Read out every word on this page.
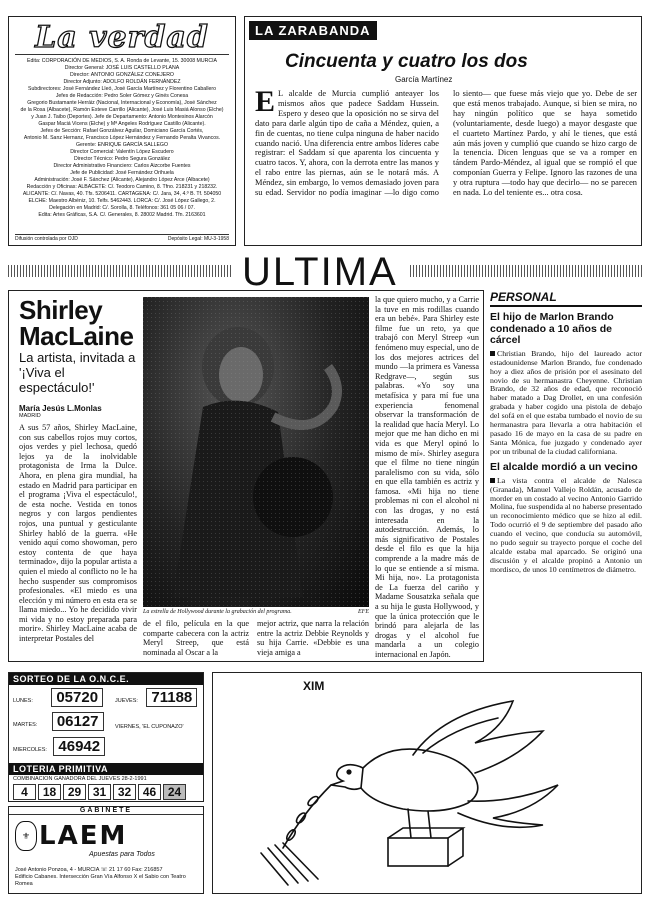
La verdad
Edita: CORPORACIÓN DE MEDIOS, S. A. Ronda de Levante, 15. 30008 MURCIA
Director General: JOSÉ LUIS CASTELLO PLANA
Director: ANTONIO GONZÁLEZ CONEJERO
Director Adjunto: ADOLFO ROLDÁN FERNÁNDEZ
Subdirectores: José Fernández Lleó, José García Martínez y Florentino Caballero
Jefes de Redacción: Pedro Soler Gómez y Ginés Conesa
Gregorio Bustamante Herráiz (Nacional, Internacional y Economía), José Sánchez
de la Rosa (Albacete), Ramón Esteve Carrillo (Alicante), José Luis Masiá Alonso (Elche)
y Juan J. Taibo (Deportes). Jefe de Departamento: Antonio Montesinos Alarcón
Gaspar Maciá Vicens (Elche) y Mª Angeles Rodríguez Castillo (Alicante).
Jefes de Sección: Rafael Gonzálvez Aguilar, Domiciano García Cortés,
Antonio M. Sanz Hernanz, Francisco López Hernández y Fernando Peralta Vivancos.
Gerente: ENRIQUE GARCÍA SALLEGO
Director Comercial: Valentín López Escudero
Director Técnico: Pedro Segura González
Director Administrativo Financiero: Carlos Aizcorbe Fuentes
Jefe de Publicidad: José Fernández Orihuela
Administración: José F. Sánchez (Alicante), Alejandro López Arce (Albacete)
Redacción y Oficinas: ALBACETE: C/. Teodoro Camino, 8. Tfno. 218231 y 218232.
ALICANTE: C/. Navas, 40. Tfs. 5206411. CARTAGENA: C/. Jara, 34, 4.º B. Tf. 504050
ELCHE: Maestro Albéniz, 10. Telfs. 5462443. LORCA: C/. José López Gallego, 2.
Delegación en Madrid: C/. Sorolla, 8. Teléfonos: 361 05 06 / 07.
Edita: Artes Gráficas, S.A. C/. Generales, 8. 28002 Madrid. Tfn. 2163601
Difusión controlada por OJD	Depósito Legal: MU-3-1958
LA ZARABANDA
Cincuenta y cuatro los dos
García Martínez
E L alcalde de Murcia cumplió anteayer los mismos años que padece Saddam Hussein. Espero y deseo que la oposición no se sirva del dato para darle algún tipo de caña a Méndez, quien, a fin de cuentas, no tiene culpa ninguna de haber nacido cuando nació. Una diferencia entre ambos líderes cabe registrar: el Saddam sí que aparenta los cincuenta y cuatro tacos. Y, ahora, con la derrota entre las manos y el rabo entre las piernas, aún se le notará más. A Méndez, sin embargo, lo vemos demasiado joven para su edad. Servidor no podía imaginar —lo digo como lo siento— que fuese más viejo que yo. Debe de ser que está menos trabajado. Aunque, si bien se mira, no hay ningún político que se haya sometido (voluntariamente, desde luego) a mayor desgaste que el cuarteto Martínez Pardo, y ahí le tienes, que está aún más joven y cumplió que cuando se hizo cargo de la tenencia. Dicen lenguas que se va a romper en tándem Pardo-Méndez, al igual que se rompió el que componían Guerra y Felipe. Ignoro las razones de una y otra ruptura —todo hay que decirlo— no se parecen en nada. Lo del teniente es... otra cosa.
ULTIMA
Shirley
MacLaine
La artista, invitada a '¡Viva el espectáculo!'
María Jesús L.Monlas
MADRID
A sus 57 años, Shirley MacLaine, con sus cabellos rojos muy cortos, ojos verdes y piel lechosa, quedó lejos ya de la inolvidable protagonista de Irma la Dulce. Ahora, en plena gira mundial, ha estado en Madrid para participar en el programa ¡Viva el espectáculo!, de esta noche. Vestida en tonos negros y con largos pendientes rojos, una puntual y gesticulante Shirley habló de la guerra. «He venido aquí como showoman, pero estoy contenta de que haya terminado», dijo la popular artista a quien el miedo al conflicto no le ha hecho suspender sus compromisos profesionales. «El miedo es una elección y mi número en esta era se llama miedo... Yo he decidido vivir mi vida y no estoy preparada para morir». Shirley MacLaine acaba de interpretar Postales del
La estrella de Hollywood durante la grabación del programa.	EFE
de el filo, película en la que comparte cabecera con la actriz Meryl Streep, que está nominada al Oscar a la
mejor actriz, que narra la relación entre la actriz Debbie Reynolds y su hija Carrie. «Debbie es una vieja amiga a
la que quiero mucho, y a Carrie la tuve en mis rodillas cuando era un bebé». Para Shirley este filme fue un reto, ya que trabajó con Meryl Streep «un fenómeno muy especial, uno de los dos mejores actrices del mundo —la primera es Vanessa Redgrave—, según sus palabras. «Yo soy una metafísica y para mí fue una experiencia fenomenal observar la transformación de la realidad que hacía Meryl. Lo mejor que me han dicho en mi vida es que Meryl opinó lo mismo de mí». Shirley asegura que el filme no tiene ningún paralelismo con su vida, sólo en que ella también es actriz y famosa. «Mi hija no tiene problemas ni con el alcohol ni con las drogas, y no está interesada en la autodestrucción. Además, lo más significativo de Postales desde el filo es que la hija comprende a la madre más de lo que se entiende a sí misma. Mi hija, no». La protagonista de La fuerza del cariño y Madame Sousatzka señala que a su hija le gusta Hollywood, y que la única protección que le brindó para alejarla de las drogas y el alcohol fue mandarla a un colegio internacional en Japón.
PERSONAL
El hijo de Marlon Brando condenado a 10 años de cárcel

Christian Brando, hijo del laureado actor estadounidense Marlon Brando, fue condenado hoy a diez años de prisión por el asesinato del novio de su hermanastra Cheyenne. Christian Brando, de 32 años de edad, que reconoció haber matado a Dag Drollet, en una confesión grabada y haber cogido una pistola de debajo del sofá en el que estaba tumbado el novio de su hermanastra para llevarla a otra habitación el pasado 16 de mayo en la casa de su padre en Santa Mónica, fue juzgado y condenado ayer por un tribunal de la ciudad californiana.

El alcalde mordió a un vecino

La vista contra el alcalde de Nalesca (Granada), Manuel Vallejo Roldán, acusado de morder en un costado al vecino Antonio Garrido Molina, fue suspendida al no haberse presentado un reconocimiento médico que se hizo al edil. Todo ocurrió el 9 de septiembre del pasado año cuando el vecino, que conducía su automóvil, no pudo seguir su trayecto porque el coche del alcalde estaba mal aparcado. Se originó una discusión y el alcalde propinó a Antonio un mordisco, de unos 10 centímetros de diámetro.

SORTEO DE LA O.N.C.E.
LUNES: 05720	JUEVES: 71188
MARTES: 06127	VIERNES, 'EL CUPONAZO'
MIERCOLES: 46942
LOTERIA PRIMITIVA
COMBINACION GANADORA DEL JUEVES 28-2-1991
4	18 29 31 32 46 24
GABINETE
⚜ LAEM
Apuestas para Todos
José Antonio Ponzoa, 4 - MURCIA ☏ 21 17 60 Fax: 216857
Edificio Cabanes. Intersección Gran Vía Alfonso X el Sabio con Teatro Romea
XIM
